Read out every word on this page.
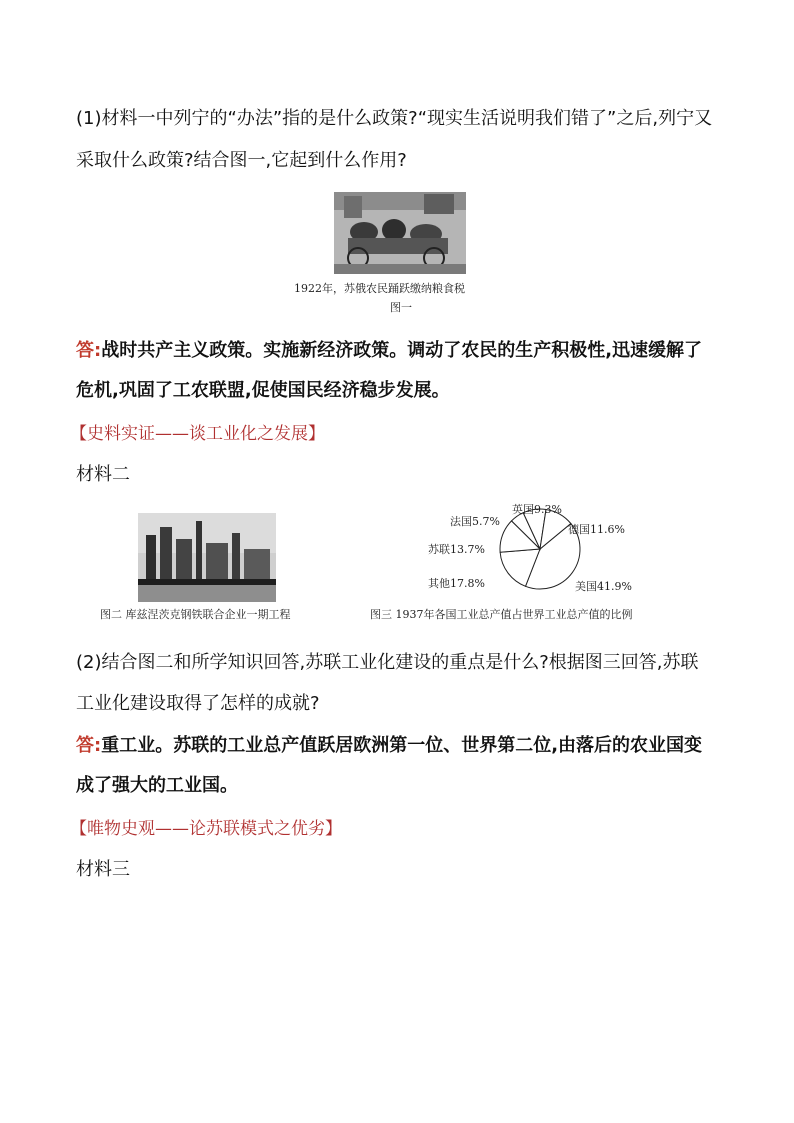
(1)材料一中列宁的“办法”指的是什么政策?“现实生活说明我们错了”之后,列宁又
采取什么政策?结合图一,它起到什么作用?
1922年，苏俄农民踊跃缴纳粮食税
图一
答:战时共产主义政策。实施新经济政策。调动了农民的生产积极性,迅速缓解了
危机,巩固了工农联盟,促使国民经济稳步发展。
【史料实证——谈工业化之发展】
材料二
图二 库兹涅茨克钢铁联合企业一期工程
美国41.9%
其他17.8%
苏联13.7%
法国5.7%
英国9.3%
德国11.6%
图三 1937年各国工业总产值占世界工业总产值的比例
(2)结合图二和所学知识回答,苏联工业化建设的重点是什么?根据图三回答,苏联
工业化建设取得了怎样的成就?
答:重工业。苏联的工业总产值跃居欧洲第一位、世界第二位,由落后的农业国变
成了强大的工业国。
【唯物史观——论苏联模式之优劣】
材料三
